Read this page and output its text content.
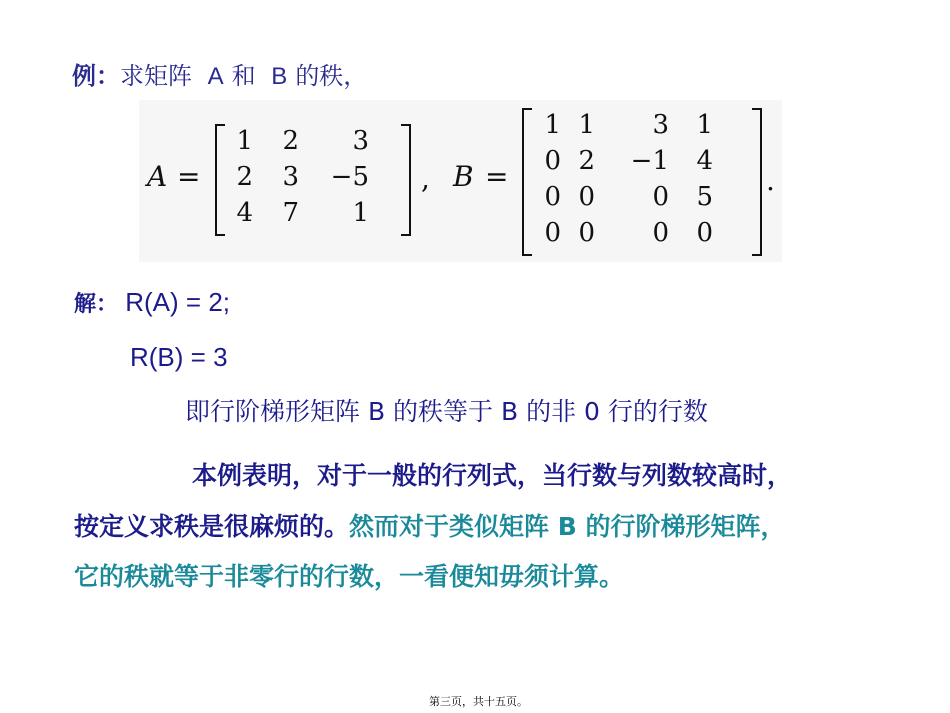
例：求矩阵 A 和 B 的秩，
A =
1	2	3
2	3 −5
4	7	1
, B =
1 1	3	1
0 2 −1	4
0 0	0	5
0 0	0	0
.
解： R(A) = 2;
R(B) = 3
即行阶梯形矩阵 B 的秩等于 B 的非 0 行的行数
本例表明，对于一般的行列式，当行数与列数较高时，
按定义求秩是很麻烦的。然而对于类似矩阵 B 的行阶梯形矩阵，
它的秩就等于非零行的行数，一看便知毋须计算。
第三页，共十五页。
